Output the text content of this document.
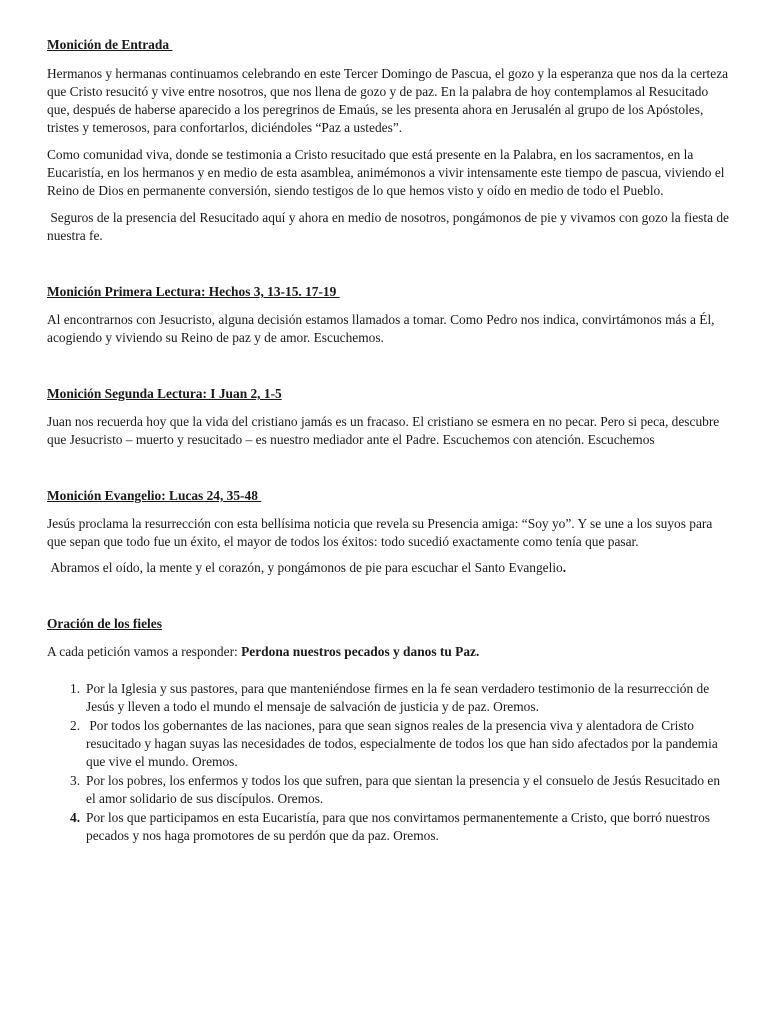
Monición de Entrada

Hermanos y hermanas continuamos celebrando en este Tercer Domingo de Pascua, el gozo y la esperanza que nos da la certeza que Cristo resucitó y vive entre nosotros, que nos llena de gozo y de paz. En la palabra de hoy contemplamos al Resucitado que, después de haberse aparecido a los peregrinos de Emaús, se les presenta ahora en Jerusalén al grupo de los Apóstoles, tristes y temerosos, para confortarlos, diciéndoles “Paz a ustedes”.

Como comunidad viva, donde se testimonia a Cristo resucitado que está presente en la Palabra, en los sacramentos, en la Eucaristía, en los hermanos y en medio de esta asamblea, animémonos a vivir intensamente este tiempo de pascua, viviendo el Reino de Dios en permanente conversión, siendo testigos de lo que hemos visto y oído en medio de todo el Pueblo.

Seguros de la presencia del Resucitado aquí y ahora en medio de nosotros, pongámonos de pie y vivamos con gozo la fiesta de nuestra fe.

Monición Primera Lectura: Hechos 3, 13-15. 17-19

Al encontrarnos con Jesucristo, alguna decisión estamos llamados a tomar. Como Pedro nos indica, convirtámonos más a Él, acogiendo y viviendo su Reino de paz y de amor. Escuchemos.

Monición Segunda Lectura: I Juan 2, 1-5

Juan nos recuerda hoy que la vida del cristiano jamás es un fracaso. El cristiano se esmera en no pecar. Pero si peca, descubre que Jesucristo – muerto y resucitado – es nuestro mediador ante el Padre. Escuchemos con atención. Escuchemos

Monición Evangelio: Lucas 24, 35-48

Jesús proclama la resurrección con esta bellísima noticia que revela su Presencia amiga: “Soy yo”. Y se une a los suyos para que sepan que todo fue un éxito, el mayor de todos los éxitos: todo sucedió exactamente como tenía que pasar.

Abramos el oído, la mente y el corazón, y pongámonos de pie para escuchar el Santo Evangelio.

Oración de los fieles

A cada petición vamos a responder: Perdona nuestros pecados y danos tu Paz.

1. Por la Iglesia y sus pastores, para que manteniéndose firmes en la fe sean verdadero testimonio de la resurrección de Jesús y lleven a todo el mundo el mensaje de salvación de justicia y de paz. Oremos.
2. Por todos los gobernantes de las naciones, para que sean signos reales de la presencia viva y alentadora de Cristo resucitado y hagan suyas las necesidades de todos, especialmente de todos los que han sido afectados por la pandemia que vive el mundo. Oremos.
3. Por los pobres, los enfermos y todos los que sufren, para que sientan la presencia y el consuelo de Jesús Resucitado en el amor solidario de sus discípulos. Oremos.
4. Por los que participamos en esta Eucaristía, para que nos convirtamos permanentemente a Cristo, que borró nuestros pecados y nos haga promotores de su perdón que da paz. Oremos.
